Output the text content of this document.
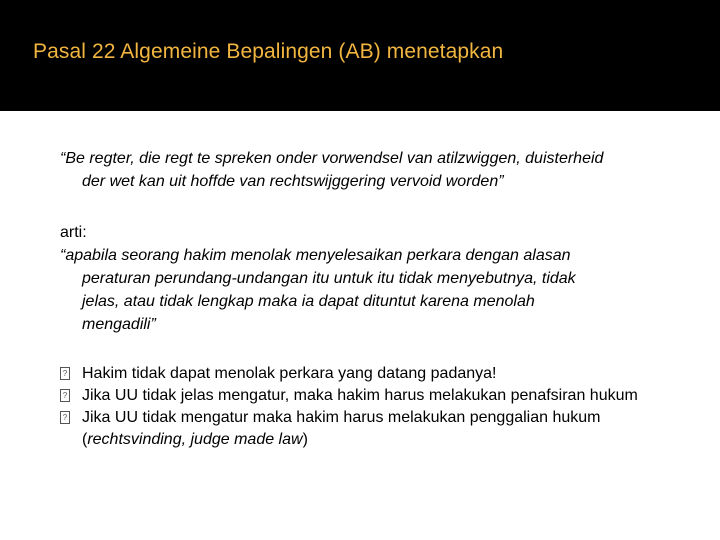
Pasal 22 Algemeine Bepalingen (AB) menetapkan

“Be regter, die regt te spreken onder vorwendsel van atilzwiggen, duisterheid
der wet kan uit hoffde van rechtswijggering vervoid worden”

arti:

“apabila seorang hakim menolak menyelesaikan perkara dengan alasan
peraturan perundang-undangan itu untuk itu tidak menyebutnya, tidak
jelas, atau tidak lengkap maka ia dapat dituntut karena menolah
mengadili”

? Hakim tidak dapat menolak perkara yang datang padanya!
? Jika UU tidak jelas mengatur, maka hakim harus melakukan penafsiran hukum
? Jika UU tidak mengatur maka hakim harus melakukan penggalian hukum
(rechtsvinding, judge made law)
